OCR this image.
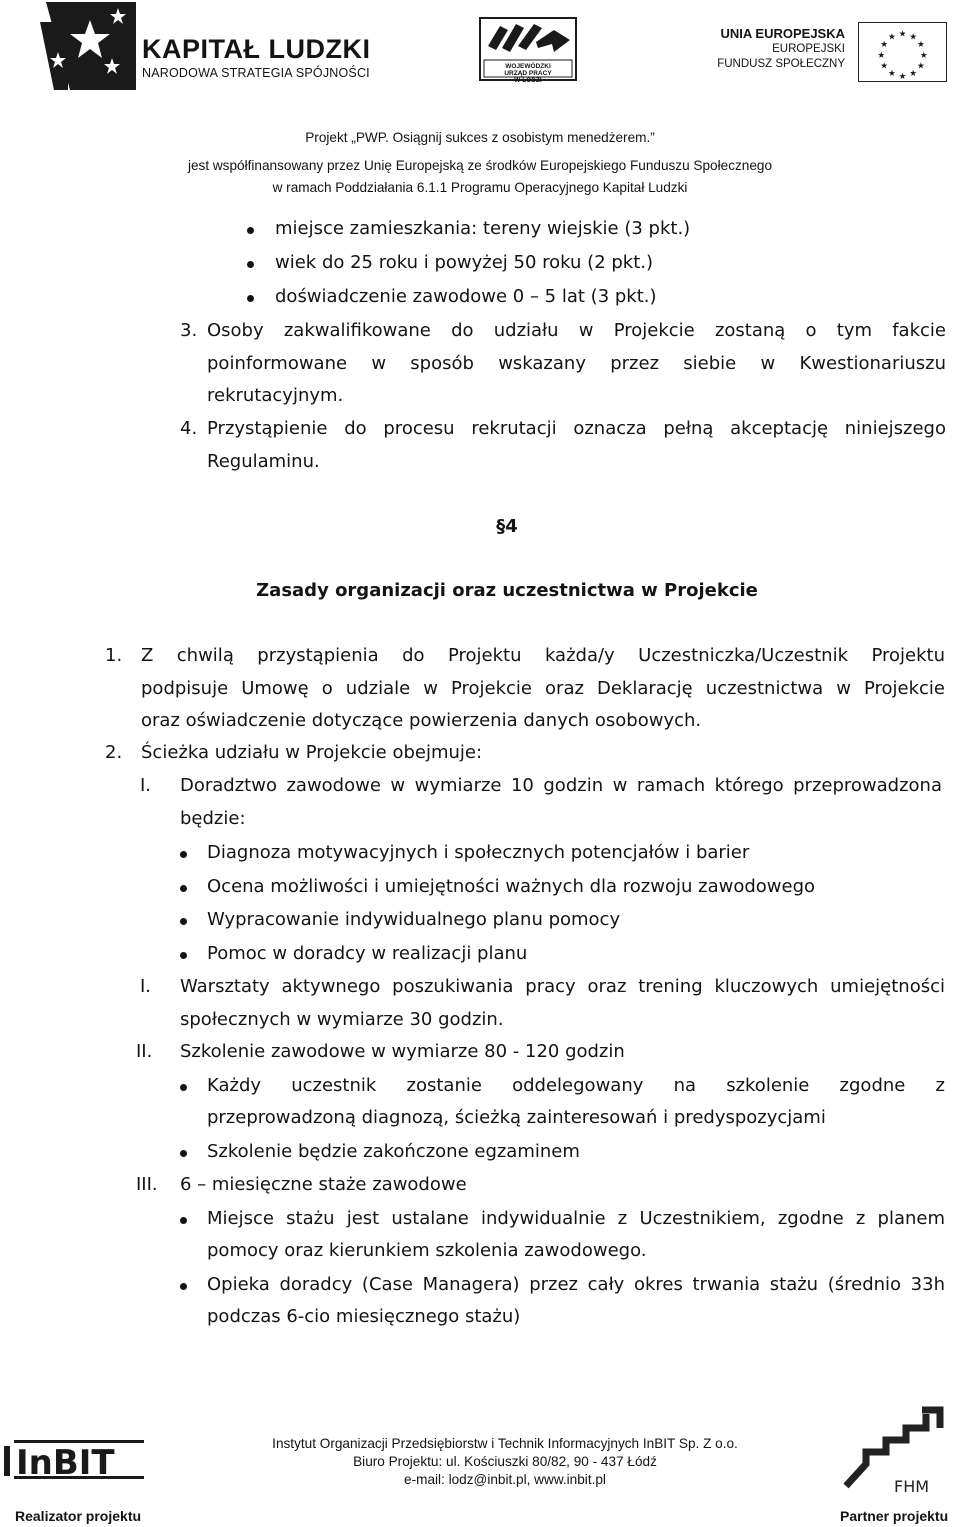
KAPITAŁ LUDZKI
NARODOWA STRATEGIA SPÓJNOŚCI	WOJEWÓDZKI
URZĄD PRACY
W ŁODZI
UNIA EUROPEJSKA
EUROPEJSKI
FUNDUSZ SPOŁECZNY
★ ★
★
★
★
★
★
★
★
★
★
★
Projekt „PWP. Osiągnij sukces z osobistym menedżerem.”
jest współfinansowany przez Unię Europejską ze środków Europejskiego Funduszu Społecznego
w ramach Poddziałania 6.1.1 Programu Operacyjnego Kapitał Ludzki
miejsce zamieszkania: tereny wiejskie (3 pkt.)
wiek do 25 roku i powyżej 50 roku (2 pkt.)
doświadczenie zawodowe 0 – 5 lat (3 pkt.)
3. Osoby zakwalifikowane do udziału w Projekcie zostaną o tym fakcie
poinformowane w sposób wskazany przez siebie w Kwestionariuszu
rekrutacyjnym.
4. Przystąpienie do procesu rekrutacji oznacza pełną akceptację niniejszego
Regulaminu.
§4
Zasady organizacji oraz uczestnictwa w Projekcie
1. Z chwilą przystąpienia do Projektu każda/y Uczestniczka/Uczestnik Projektu
podpisuje Umowę o udziale w Projekcie oraz Deklarację uczestnictwa w Projekcie
oraz oświadczenie dotyczące powierzenia danych osobowych.
2. Ścieżka udziału w Projekcie obejmuje:
I. Doradztwo zawodowe w wymiarze 10 godzin w ramach którego przeprowadzona
będzie:
Diagnoza motywacyjnych i społecznych potencjałów i barier
Ocena możliwości i umiejętności ważnych dla rozwoju zawodowego
Wypracowanie indywidualnego planu pomocy
Pomoc w doradcy w realizacji planu
I. Warsztaty aktywnego poszukiwania pracy oraz trening kluczowych umiejętności
społecznych w wymiarze 30 godzin.
II. Szkolenie zawodowe w wymiarze 80 - 120 godzin
Każdy uczestnik zostanie oddelegowany na szkolenie zgodne z
przeprowadzoną diagnozą, ścieżką zainteresowań i predyspozycjami
Szkolenie będzie zakończone egzaminem
III. 6 – miesięczne staże zawodowe
Miejsce stażu jest ustalane indywidualnie z Uczestnikiem, zgodne z planem
pomocy oraz kierunkiem szkolenia zawodowego.
Opieka doradcy (Case Managera) przez cały okres trwania stażu (średnio 33h
podczas 6-cio miesięcznego stażu)
InBIT	Instytut Organizacji Przedsiębiorstw i Technik Informacyjnych InBIT Sp. Z o.o.
Biuro Projektu: ul. Kościuszki 80/82, 90 - 437 Łódź
e-mail: lodz@inbit.pl, www.inbit.pl	FHM
Realizator projektu	Partner projektu
